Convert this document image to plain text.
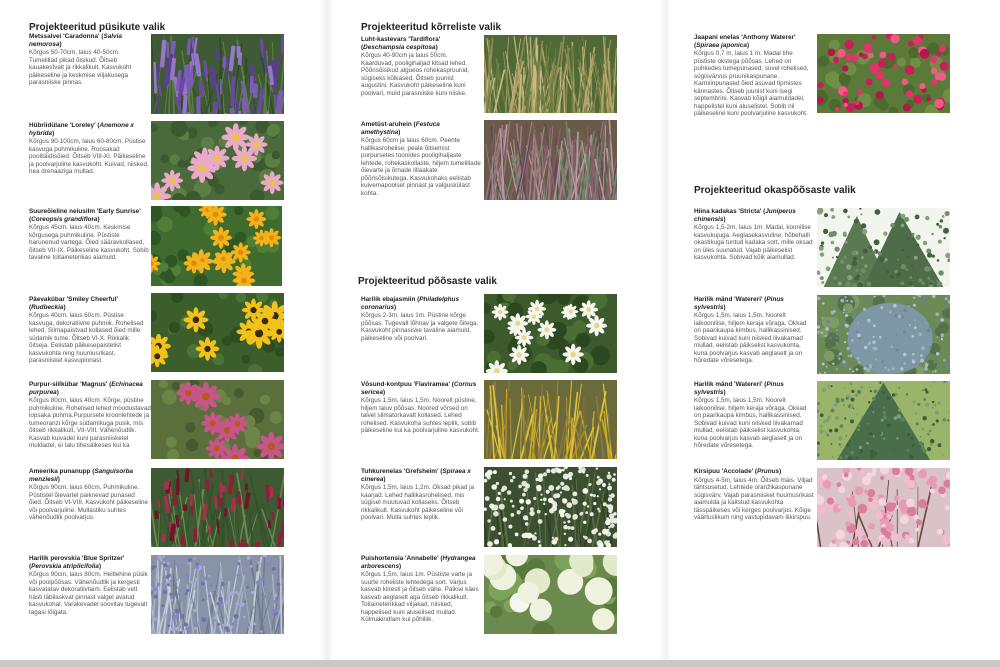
Projekteeritud püsikute valik	Projekteeritud kõrreliste valik
Projekteeritud põõsaste valik
Projekteeritud okaspõõsaste valik
Metssalvei 'Caradonna' (Salvia nemorosa)
Kõrgus 50-70cm, laius 40-50cm. Tumelillad pikad õisikud. Õitseb kauakestvalt ja rikkalikult. Kasvukoht päikeseline ja keskmise viljakusega parasniiske pinnas.
Hübriidülane 'Loreley' (Anemone x hybrida)
Kõrgus 90-100cm, laius 60-80cm. Püstise kasvuga puhmikuline. Roosakad poolitäidisõied. Õitseb VIII-XI. Päikeseline ja poolvarjuline kasvukoht. Kuivad, niisked, hea drenaaziga mullad.
Suureõieline neiusilm 'Early Sunrise' (Coreopsis grandiflora)
Kõrgus 45cm, laius 40cm. Keskmise kõrgusega puhmikuline. Püstiste harunenud vartega. Õied sääravkollased, õitseb VII-IX. Päikeseline kasvukoht. Sobib tavaline toitaineterikas aiamuld.
Päevakübar 'Smiley Cheerful' (Rudbeckia)
Kõrgus 40cm, laius 60cm. Püstise kasvuga, dekoratiivne puhmik. Rohelised lehed. Silmapaistvad kollased õied mille südamik tume. Õitseb VI-X. Rikkalik õitseja. Eelistab päikesepaistelist kasvukohta ning huumusrikast, parasniisket kasvupinnast.
Purpur-siilkübar 'Magnus' (Echinacea purpurea)
Kõrgus 80cm, laius 40cm. Kõrge, püstine puhmikuline. Rohelised lehed moodustavad lopsaka puhma.Purpursete kroonlehtede ja tumeoranzi kõrge südamikuga pusik, mis õitseb rikkalikult, VII-VIII. Vähenõudlik. Kasvab kuivadel kuni parasniisketel muldadel, ei talu tihesälkeses kui ka
Ameerika punanupp (Sanguisorba menziesii)
Kõrgus 90cm, laius 60cm. Puhmikuline. Püstistel õievartel paiknevad punased õied. Õitseb VI-VIII. Kasvukoht päikeseline või poolvarjuline. Mullastiku suhtes vähenõudlik poolvarjus.
Harilik perovskia 'Blue Spritzer' (Perovskia atriplicifolia)
Kõrgus 90cm, laius 80cm. Heitlehine püsik või poolpõõsas. Vähenõudlik ja kergesti kasvatatav dekoratiivtaim. Eelistab vett hästi läbilaskvat pinnast valgel avatud kasvukohal. Varakevadel soovitav tugevalt tagasi lõigata.
Luht-kastevars 'Tardiflora' (Deschampsia cespitosa)
Kõrgus 40-90cm ja laius 50cm. Kaarduvad, pooligihaljad kitsad lehed. Põõrisõisikud algueos rohekaspruunid, sügiseks kõlkased. Õitseb juunist augustini. Kasvukoht päikeseline kuni poolvari, muld parasniiske kuni niiske.
Ametüst-aruhein (Festuca amethystina)
Kõrgus 60cm ja laius 60cm. Peente hallikasrohelise, peale õitsemist purpursetes toonides pooligihaljaste lehtede, rohekaskollaste, hiljem tumelillade õievarte ja õrnade lillaakate põõrisõisikutega. Kasvukohaks eelistab kuivemapoolset pinnast ja valguskülast kohta.
Harilik ebajasmiin (Philadelphus coronarius)
Kõrgus 2-3m, laius 1m. Püstine kõrge põõsas. Tugevalt lõhnav ja valgete õitega. Kasvukoht pinnasiske tavaline aiamuld, päikeseline või poolvari.
Võsund-kontpuu 'Flaviramea' (Cornus sericea)
Kõrgus 1,5m, laius 1,5m. Noorelt püstine, hiljem laiuv põõsas. Noored võrsed on talvel silmatorkavalt kollased. Lehed rohelised. Kasvukoha suhtes leplik, sobib päikeseline kui ka poolvarjuline kasvukoht.
Tuhkurenelas 'Grefsheim' (Spiraea x cinerea)
Kõrgus 1,5m, laius 1,2m. Oksad pikad ja kaarjad. Lehed hallikasrohelised, mis sügisel muutuvad kollaseks. Õitseb rikkalikult. Kasvukoht päikeseline või poolvari. Mulla suhtes leplik.
Puishortensia 'Annabelle' (Hydrangea arborescens)
Kõrgus 1,5m, laius 1m. Püstiste varte ja suurte roheliste lehtedega sort. Varjus kasvab kiiresti ja õitseb vähe. Päikse käes kasvab aeglaselt aga õitseb rikkalikult. Toitaineterikkad viljakad, niisked, happelised kuni aluselised mullad. Külmakindlam kui põhiliik.
Jaapani enelas 'Anthony Waterer' (Spiraea japonica)
Kõrgus 0,7 m, laius 1 m. Madal tihe püstiste okstega põõsas. Lehed on puhkedes tumepunased, suvel rohelised, sügisvärvus pruunikaspunane. Karmiinpunased õied asuvad tipmistes kännastes. Õitseb juunist kuni isegi septembrini. Kasvab kõigil aiamuldadel, happelistel kuni aluselistel. Sobib nii päikeseline kuni poolvarjuline kasvukoht.
Hiina kadakas 'Stricta' (Juniperus chinensis)
Kõrgus 1,5-2m, laius 1m. Madal, koonilise kasvukujuga. Aeglasekasvuline, hõbehalli okastikuga tuntud kadaka sort, mille oksad on üles suunatud. Vajab päikeselist kasvukohta. Sobivad kõik aiamullad.
Harilik mänd 'Watereri' (Pinus sylvestris)
Kõrgus 1,5m, laius 1,5m. Noorelt laikoonilise, hiljem keraja võraga. Okkad on paarikaupa kimbus, hallikassinised. Sobivad kuivad kuni niisked liivakamad mullad, eelistab päikselist kasvukohta, kuna poolvarjus kasvab aeglaselt ja on hõredate võresetega.
Harilik mänd 'Watereri' (Pinus sylvestris)
Kõrgus 1,5m, laius 1,5m. Noorelt laikoonilise, hiljem keraja võraga. Okkad on paarikaupa kimbus, hallikassinised. Sobivad kuivad kuni niisked liivakamad mullad, eelistab päikselist kasvukohta, kuna poolvarjus kasvab aeglaselt ja on hõredate võresetega.
Kirsipuu 'Accolade' (Prunus)
Kõrgus 4-5m, laius 4m. Õitseb mais. Viljad tähtsusetud. Lehtede oranžikaspunane sügisvärv. Vajab parasniisket huumusrikast aiamulda ja kaitstud kasvukohta tässpäikeses või kerges poolvarjus. Kõige väärtuslikum ning vastupidavam liikirspuu.
